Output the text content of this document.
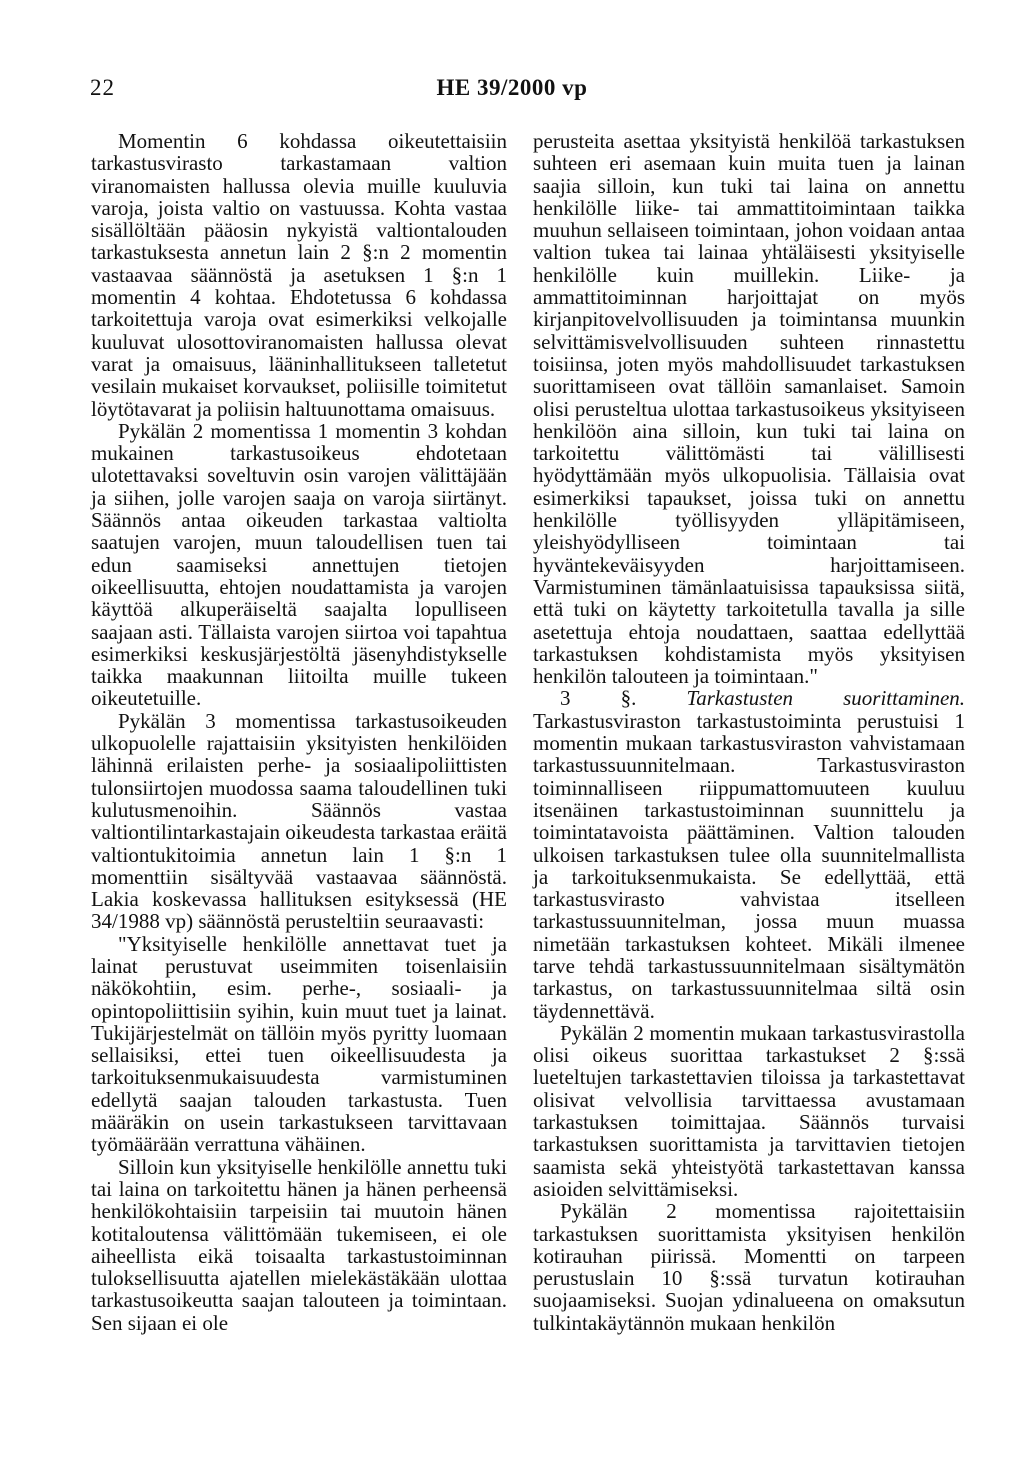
22	HE 39/2000 vp

Momentin 6 kohdassa oikeutettaisiin tarkastusvirasto tarkastamaan valtion viranomaisten hallussa olevia muille kuuluvia varoja, joista valtio on vastuussa. Kohta vastaa sisällöltään pääosin nykyistä valtiontalouden tarkastuksesta annetun lain 2 §:n 2 momentin vastaavaa säännöstä ja asetuksen 1 §:n 1 momentin 4 kohtaa. Ehdotetussa 6 kohdassa tarkoitettuja varoja ovat esimerkiksi velkojalle kuuluvat ulosottoviranomaisten hallussa olevat varat ja omaisuus, lääninhallitukseen talletetut vesilain mukaiset korvaukset, poliisille toimitetut löytötavarat ja poliisin haltuunottama omaisuus.

Pykälän 2 momentissa 1 momentin 3 kohdan mukainen tarkastusoikeus ehdotetaan ulotettavaksi soveltuvin osin varojen välittäjään ja siihen, jolle varojen saaja on varoja siirtänyt. Säännös antaa oikeuden tarkastaa valtiolta saatujen varojen, muun taloudellisen tuen tai edun saamiseksi annettujen tietojen oikeellisuutta, ehtojen noudattamista ja varojen käyttöä alkuperäiseltä saajalta lopulliseen saajaan asti. Tällaista varojen siirtoa voi tapahtua esimerkiksi keskusjärjestöltä jäsenyhdistykselle taikka maakunnan liitoilta muille tukeen oikeutetuille.

Pykälän 3 momentissa tarkastusoikeuden ulkopuolelle rajattaisiin yksityisten henkilöiden lähinnä erilaisten perhe- ja sosiaalipoliittisten tulonsiirtojen muodossa saama taloudellinen tuki kulutusmenoihin. Säännös vastaa valtiontilintarkastajain oikeudesta tarkastaa eräitä valtiontukitoimia annetun lain 1 §:n 1 momenttiin sisältyvää vastaavaa säännöstä. Lakia koskevassa hallituksen esityksessä (HE 34/1988 vp) säännöstä perusteltiin seuraavasti:

"Yksityiselle henkilölle annettavat tuet ja lainat perustuvat useimmiten toisenlaisiin näkökohtiin, esim. perhe-, sosiaali- ja opintopoliittisiin syihin, kuin muut tuet ja lainat. Tukijärjestelmät on tällöin myös pyritty luomaan sellaisiksi, ettei tuen oikeellisuudesta ja tarkoituksenmukaisuudesta varmistuminen edellytä saajan talouden tarkastusta. Tuen määräkin on usein tarkastukseen tarvittavaan työmäärään verrattuna vähäinen.

Silloin kun yksityiselle henkilölle annettu tuki tai laina on tarkoitettu hänen ja hänen perheensä henkilökohtaisiin tarpeisiin tai muutoin hänen kotitaloutensa välittömään tukemiseen, ei ole aiheellista eikä toisaalta tarkastustoiminnan tuloksellisuutta ajatellen mielekästäkään ulottaa tarkastusoikeutta saajan talouteen ja toimintaan. Sen sijaan ei ole

perusteita asettaa yksityistä henkilöä tarkastuksen suhteen eri asemaan kuin muita tuen ja lainan saajia silloin, kun tuki tai laina on annettu henkilölle liike- tai ammattitoimintaan taikka muuhun sellaiseen toimintaan, johon voidaan antaa valtion tukea tai lainaa yhtäläisesti yksityiselle henkilölle kuin muillekin. Liike- ja ammattitoiminnan harjoittajat on myös kirjanpitovelvollisuuden ja toimintansa muunkin selvittämisvelvollisuuden suhteen rinnastettu toisiinsa, joten myös mahdollisuudet tarkastuksen suorittamiseen ovat tällöin samanlaiset. Samoin olisi perusteltua ulottaa tarkastusoikeus yksityiseen henkilöön aina silloin, kun tuki tai laina on tarkoitettu välittömästi tai välillisesti hyödyttämään myös ulkopuolisia. Tällaisia ovat esimerkiksi tapaukset, joissa tuki on annettu henkilölle työllisyyden ylläpitämiseen, yleishyödylliseen toimintaan tai hyväntekeväisyyden harjoittamiseen. Varmistuminen tämänlaatuisissa tapauksissa siitä, että tuki on käytetty tarkoitetulla tavalla ja sille asetettuja ehtoja noudattaen, saattaa edellyttää tarkastuksen kohdistamista myös yksityisen henkilön talouteen ja toimintaan."

3 §. Tarkastusten suorittaminen. Tarkastusviraston tarkastustoiminta perustuisi 1 momentin mukaan tarkastusviraston vahvistamaan tarkastussuunnitelmaan. Tarkastusviraston toiminnalliseen riippumattomuuteen kuuluu itsenäinen tarkastustoiminnan suunnittelu ja toimintatavoista päättäminen. Valtion talouden ulkoisen tarkastuksen tulee olla suunnitelmallista ja tarkoituksenmukaista. Se edellyttää, että tarkastusvirasto vahvistaa itselleen tarkastussuunnitelman, jossa muun muassa nimetään tarkastuksen kohteet. Mikäli ilmenee tarve tehdä tarkastussuunnitelmaan sisältymätön tarkastus, on tarkastussuunnitelmaa siltä osin täydennettävä.

Pykälän 2 momentin mukaan tarkastusvirastolla olisi oikeus suorittaa tarkastukset 2 §:ssä lueteltujen tarkastettavien tiloissa ja tarkastettavat olisivat velvollisia tarvittaessa avustamaan tarkastuksen toimittajaa. Säännös turvaisi tarkastuksen suorittamista ja tarvittavien tietojen saamista sekä yhteistyötä tarkastettavan kanssa asioiden selvittämiseksi.

Pykälän 2 momentissa rajoitettaisiin tarkastuksen suorittamista yksityisen henkilön kotirauhan piirissä. Momentti on tarpeen perustuslain 10 §:ssä turvatun kotirauhan suojaamiseksi. Suojan ydinalueena on omaksutun tulkintakäytännön mukaan henkilön
